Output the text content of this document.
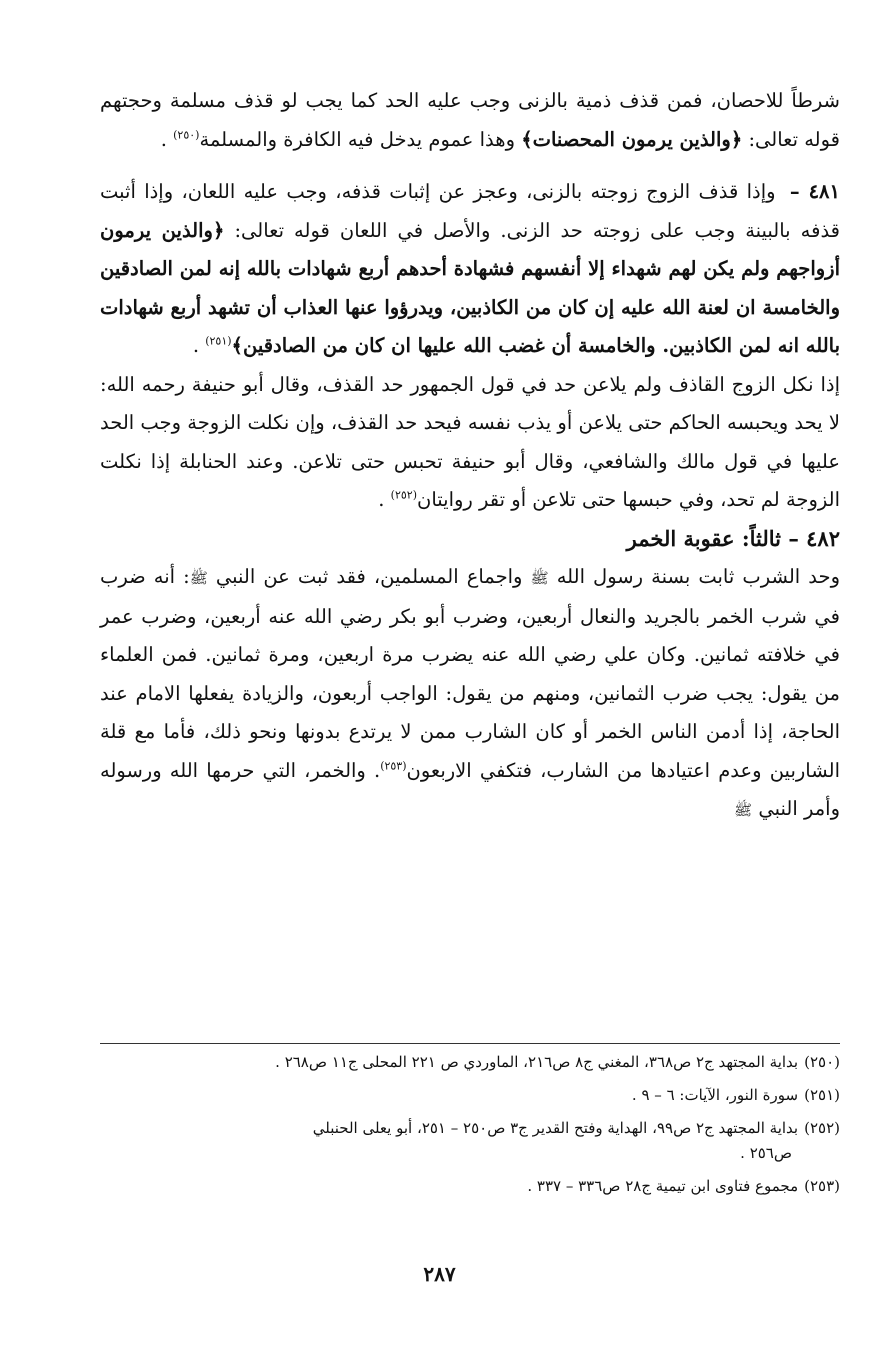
شرطاً للاحصان، فمن قذف ذمية بالزنى وجب عليه الحد كما يجب لو قذف مسلمة وحجتهم قوله تعالى: ﴿والذين يرمون المحصنات﴾ وهذا عموم يدخل فيه الكافرة والمسلمة$^{(٢٥٠)}$ .

٤٨١ – وإذا قذف الزوج زوجته بالزنى، وعجز عن إثبات قذفه، وجب عليه اللعان، وإذا أثبت قذفه بالبينة وجب على زوجته حد الزنى. والأصل في اللعان قوله تعالى: ﴿والذين يرمون أزواجهم ولم يكن لهم شهداء إلا أنفسهم فشهادة أحدهم أربع شهادات بالله إنه لمن الصادقين والخامسة ان لعنة الله عليه إن كان من الكاذبين، ويدرؤوا عنها العذاب أن تشهد أربع شهادات بالله انه لمن الكاذبين. والخامسة أن غضب الله عليها ان كان من الصادقين﴾$^{(٢٥١)}$ .

إذا نكل الزوج القاذف ولم يلاعن حد في قول الجمهور حد القذف، وقال أبو حنيفة رحمه الله: لا يحد ويحبسه الحاكم حتى يلاعن أو يذب نفسه فيحد حد القذف، وإن نكلت الزوجة وجب الحد عليها في قول مالك والشافعي، وقال أبو حنيفة تحبس حتى تلاعن. وعند الحنابلة إذا نكلت الزوجة لم تحد، وفي حبسها حتى تلاعن أو تقر روايتان$^{(٢٥٢)}$ .

٤٨٢ – ثالثاً: عقوبة الخمر

وحد الشرب ثابت بسنة رسول الله ﷺ واجماع المسلمين، فقد ثبت عن النبي ﷺ: أنه ضرب في شرب الخمر بالجريد والنعال أربعين، وضرب أبو بكر رضي الله عنه أربعين، وضرب عمر في خلافته ثمانين. وكان علي رضي الله عنه يضرب مرة اربعين، ومرة ثمانين. فمن العلماء من يقول: يجب ضرب الثمانين، ومنهم من يقول: الواجب أربعون، والزيادة يفعلها الامام عند الحاجة، إذا أدمن الناس الخمر أو كان الشارب ممن لا يرتدع بدونها ونحو ذلك، فأما مع قلة الشاربين وعدم اعتيادها من الشارب، فتكفي الاربعون$^{(٢٥٣)}$. والخمر، التي حرمها الله ورسوله وأمر النبي ﷺ

(٢٥٠)بداية المجتهد ج٢ ص٣٦٨، المغني ج٨ ص٢١٦، الماوردي ص ٢٢١ المحلى ج١١ ص٢٦٨ .

(٢٥١)سورة النور، الآيات: ٦ – ٩ .

(٢٥٢)بداية المجتهد ج٢ ص٩٩، الهداية وفتح القدير ج٣ ص٢٥٠ – ٢٥١، أبو يعلى الحنبلي
ص٢٥٦ .

(٢٥٣)مجموع فتاوى ابن تيمية ج٢٨ ص٣٣٦ – ٣٣٧ .

٢٨٧
